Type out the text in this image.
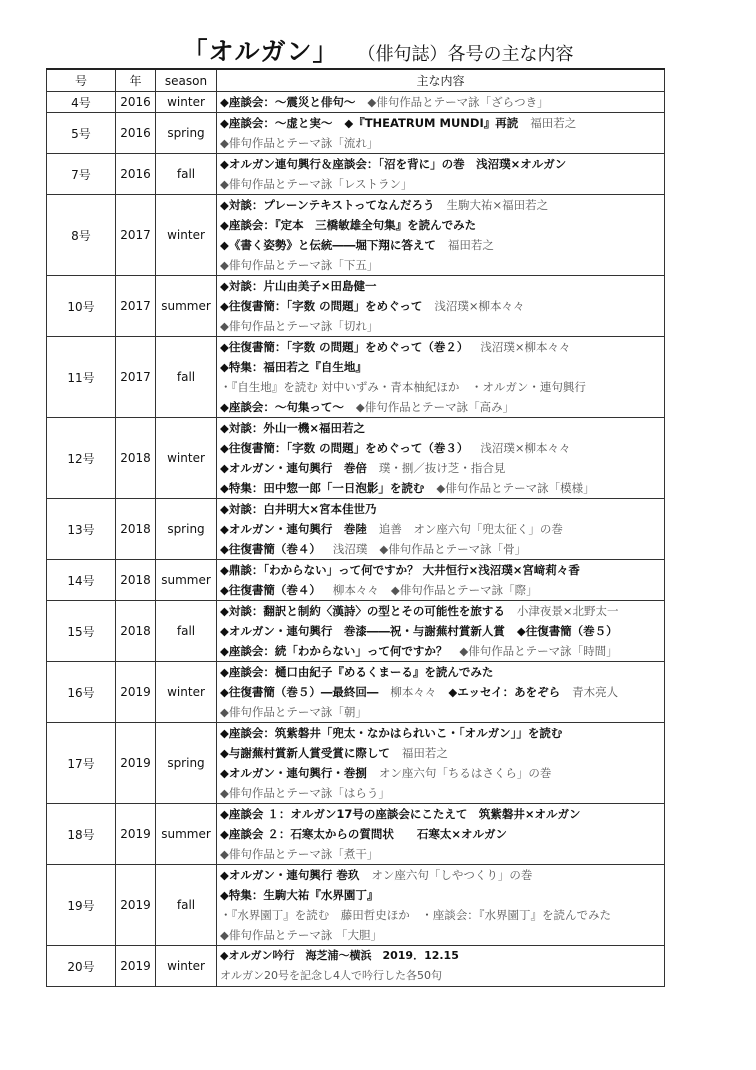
「オルガン」 （俳句誌）各号の主な内容
号	年	season	主な内容
4号	2016	winter	◆座談会：～震災と俳句～ ◆俳句作品とテーマ詠「ざらつき」

5号	2016	spring	◆座談会：～虚と実～ ◆『THEATRUM MUNDI』再読 福田若之
◆俳句作品とテーマ詠「流れ」

7号	2016	fall	◆オルガン連句興行＆座談会：「沼を背に」の巻　浅沼璞×オルガン
◆俳句作品とテーマ詠「レストラン」

8号	2017	winter	◆対談：プレーンテキストってなんだろう 生駒大祐×福田若之
◆座談会：『定本　三橋敏雄全句集』を読んでみた
◆《書く姿勢》と伝統――堀下翔に答えて 福田若之
◆俳句作品とテーマ詠「下五」

10号	2017	summer	◆対談：片山由美子×田島健一
◆往復書簡：「字数 の問題」をめぐって 浅沼璞×柳本々々
◆俳句作品とテーマ詠「切れ」

11号	2017	fall	◆往復書簡：「字数 の問題」をめぐって（巻２） 浅沼璞×柳本々々
◆特集：福田若之『自生地』
・『自生地』を読む 対中いずみ・青本柚紀ほか　・オルガン・連句興行
◆座談会：～句集って～ ◆俳句作品とテーマ詠「高み」

12号	2018	winter	◆対談：外山一機×福田若之
◆往復書簡：「字数 の問題」をめぐって（巻３） 浅沼璞×柳本々々
◆オルガン・連句興行　巻倍 璞・捌／抜け芝・指合見
◆特集：田中惣一郎「一日泡影」を読む ◆俳句作品とテーマ詠「模様」

13号	2018	spring	◆対談：白井明大×宮本佳世乃
◆オルガン・連句興行　巻陸 追善　オン座六句「兜太征く」の巻
◆往復書簡（巻４） 浅沼璞 ◆俳句作品とテーマ詠「骨」

14号	2018	summer	◆鼎談：「わからない」って何ですか？ 大井恒行×浅沼璞×宮﨑莉々香
◆往復書簡（巻４） 柳本々々 ◆俳句作品とテーマ詠「際」

15号	2018	fall	◆対談：翻訳と制約〈漢詩〉の型とその可能性を旅する 小津夜景×北野太一
◆オルガン・連句興行　巻漆――祝・与謝蕪村賞新人賞 ◆往復書簡（巻５）
◆座談会：続「わからない」って何ですか？ ◆俳句作品とテーマ詠「時間」

16号	2019	winter	◆座談会：樋口由紀子『めるくまーる』を読んでみた
◆往復書簡（巻５）―最終回― 柳本々々 ◆エッセイ：あをぞら 青木亮人
◆俳句作品とテーマ詠「朝」

17号	2019	spring	◆座談会：筑紫磐井「兜太・なかはられいこ・「オルガン」」を読む
◆与謝蕪村賞新人賞受賞に際して 福田若之
◆オルガン・連句興行・巻捌 オン座六句「ちるはさくら」の巻
◆俳句作品とテーマ詠「はらう」

18号	2019	summer	◆座談会 １：オルガン17号の座談会にこたえて　筑紫磐井×オルガン
◆座談会 ２：石寒太からの質問状　　石寒太×オルガン
◆俳句作品とテーマ詠「煮干」

19号	2019	fall	◆オルガン・連句興行 巻玖 オン座六句「しやつくり」の巻
◆特集：生駒大祐『水界園丁』
・『水界園丁』を読む　藤田哲史ほか　・座談会：『水界園丁』を読んでみた
◆俳句作品とテーマ詠 「大胆」

20号	2019	winter	◆オルガン吟行　海芝浦～横浜　2019．12.15
オルガン20号を記念し4人で吟行した各50句
